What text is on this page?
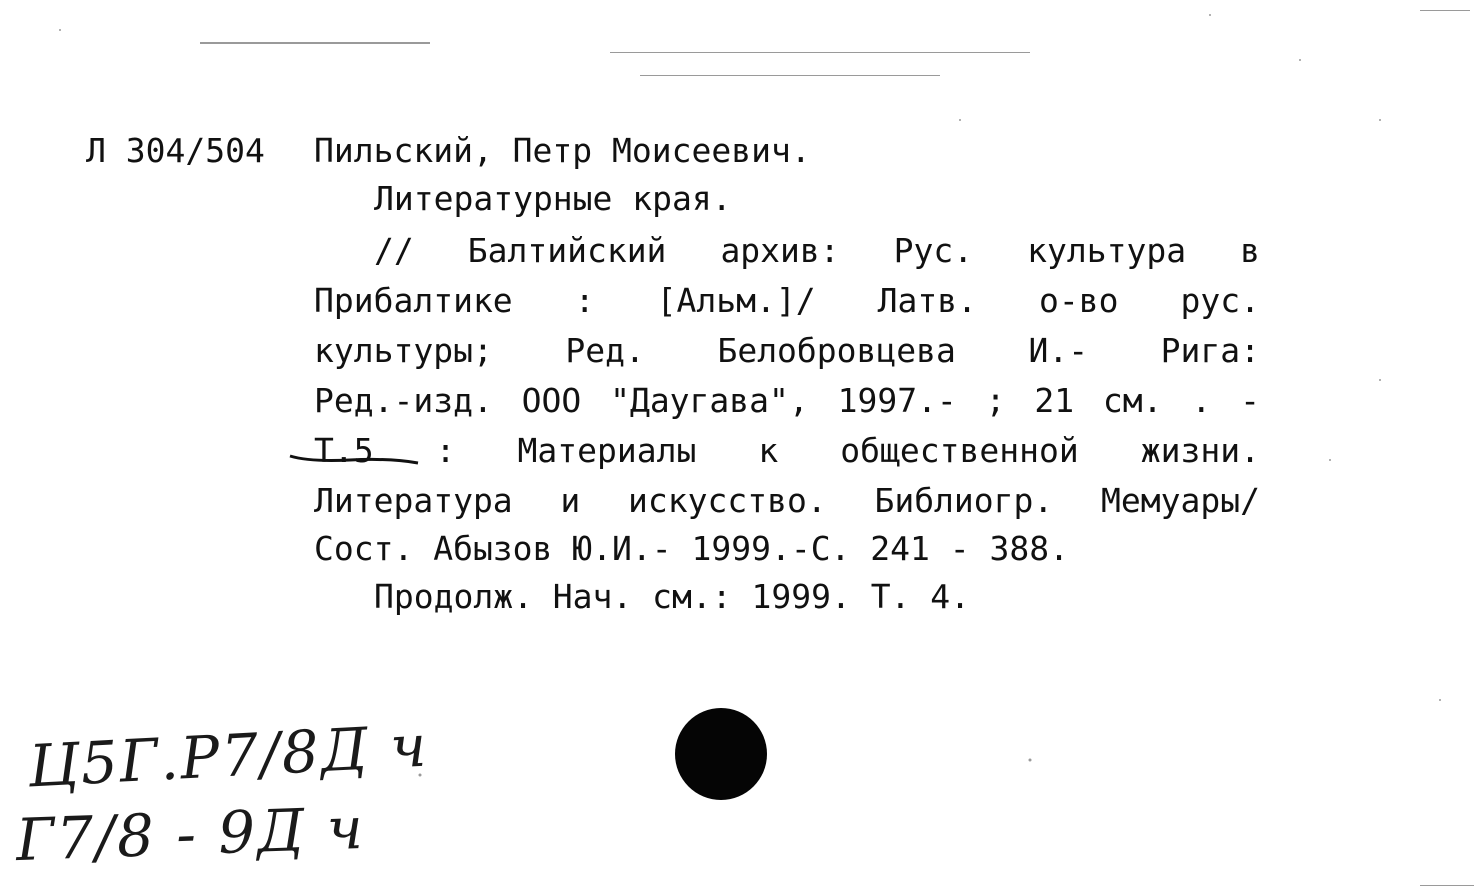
Л 304/504 Пильский, Петр Моисеевич.
Литературные края.
// Балтийский архив: Рус. культура в
Прибалтике : [Альм.]/ Латв. о-во рус.
культуры; Ред. Белобровцева И.- Рига:
Ред.-изд. ООО "Даугава", 1997.- ; 21 см. . -
Т.5 : Материалы к общественной жизни.
Литература и искусство. Библиогр. Мемуары/
Сост. Абызов Ю.И.- 1999.-С. 241 - 388.
Продолж. Нач. см.: 1999. Т. 4.
Ц5Г.Р7/8Д ч
Г7/8 - 9Д ч
